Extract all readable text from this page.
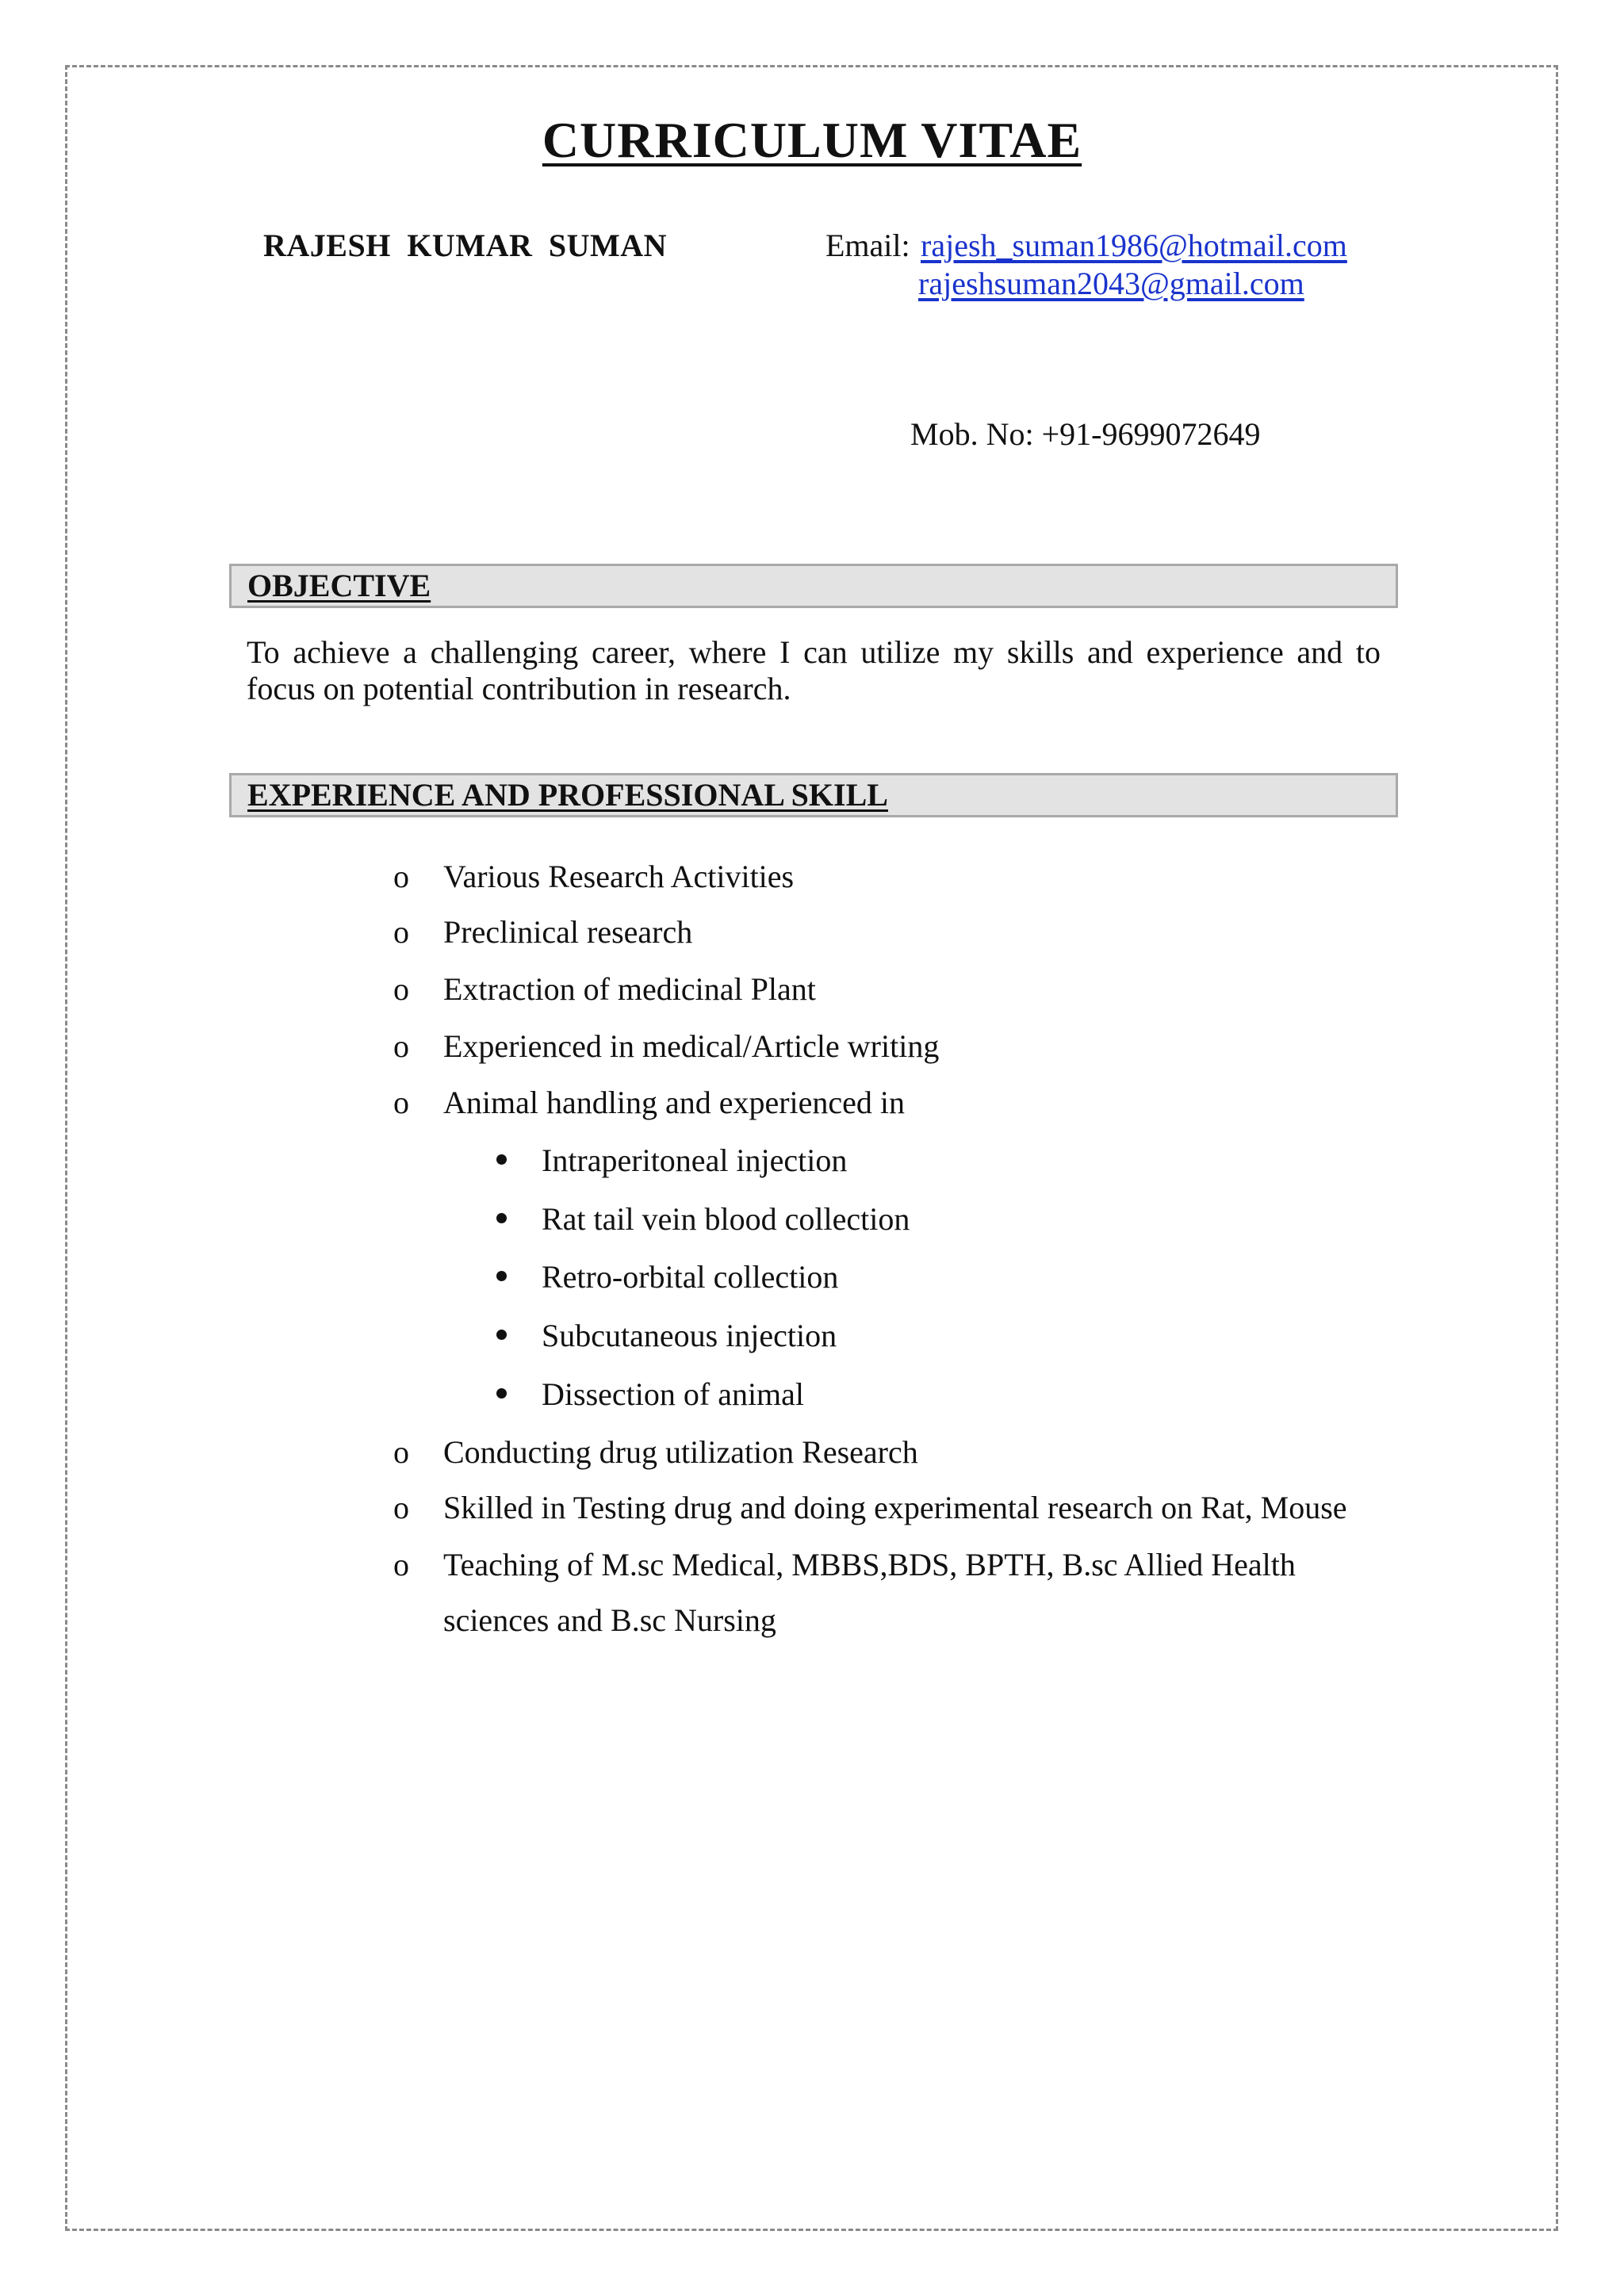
CURRICULUM VITAE
RAJESH KUMAR SUMAN	Email: rajesh_suman1986@hotmail.com
rajeshsuman2043@gmail.com
Mob. No: +91-9699072649
OBJECTIVE
To achieve a challenging career, where I can utilize my skills and experience and to focus on potential contribution in research.
EXPERIENCE AND PROFESSIONAL SKILL
o Various Research Activities
o Preclinical research
o Extraction of medicinal Plant
o Experienced in medical/Article writing
o Animal handling and experienced in
Intraperitoneal injection
Rat tail vein blood collection
Retro-orbital collection
Subcutaneous injection
Dissection of animal
o Conducting drug utilization Research
o Skilled in Testing drug and doing experimental research on Rat, Mouse
o Teaching of M.sc Medical, MBBS,BDS, BPTH, B.sc Allied Health
sciences and B.sc Nursing
